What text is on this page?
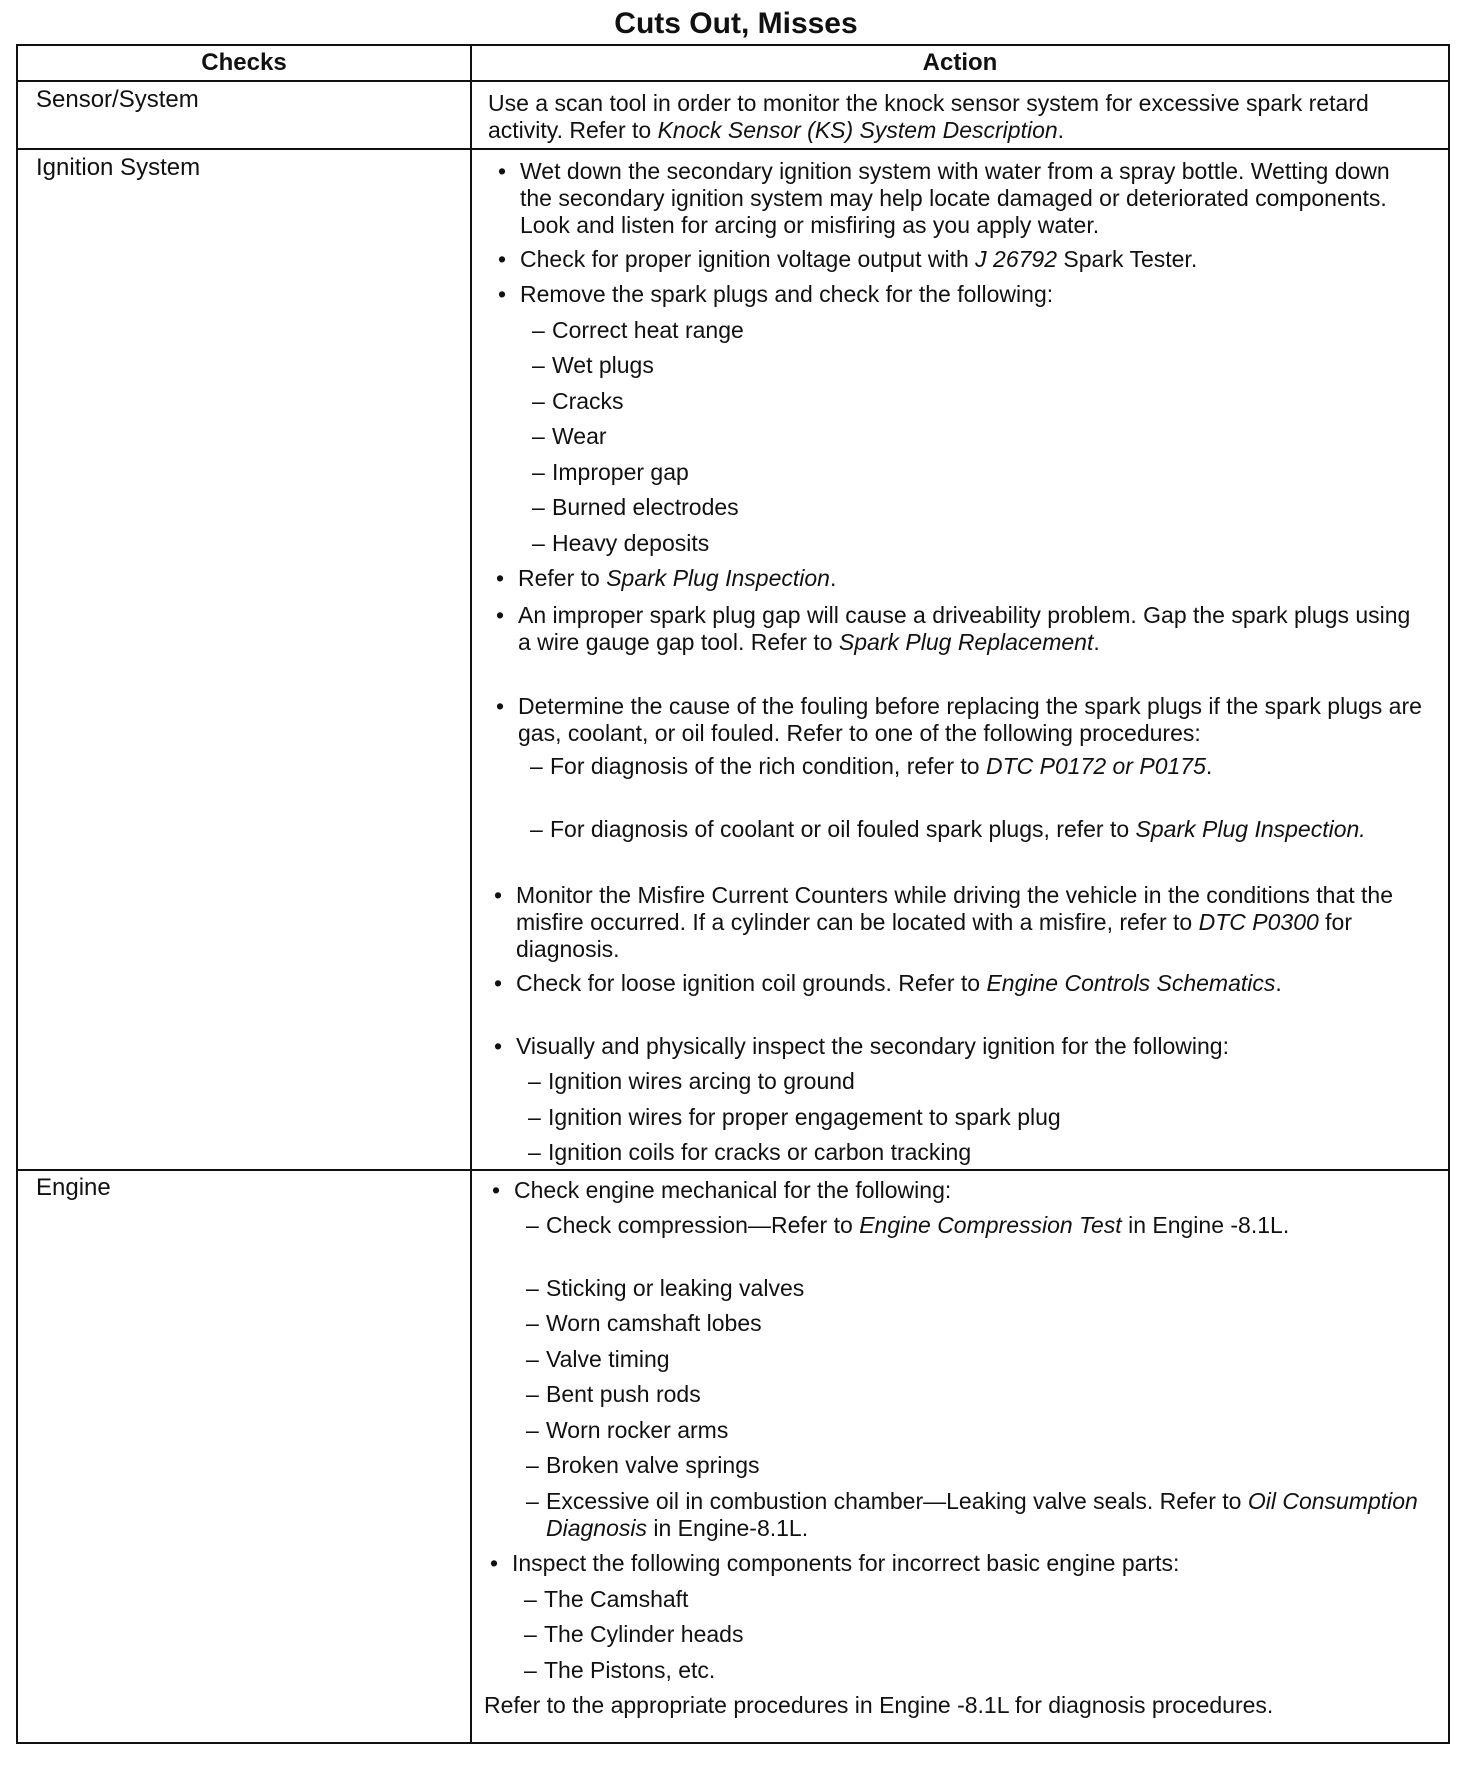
Cuts Out, Misses
Checks	Action
Sensor/System	Use a scan tool in order to monitor the knock sensor system for excessive spark retard activity. Refer to Knock Sensor (KS) System Description.
Ignition System	• Wet down the secondary ignition system with water from a spray bottle. Wetting down the secondary ignition system may help locate damaged or deteriorated components. Look and listen for arcing or misfiring as you apply water.
• Check for proper ignition voltage output with J 26792 Spark Tester.
• Remove the spark plugs and check for the following:
– Correct heat range
– Wet plugs
– Cracks
– Wear
– Improper gap
– Burned electrodes
– Heavy deposits
• Refer to Spark Plug Inspection.
• An improper spark plug gap will cause a driveability problem. Gap the spark plugs using a wire gauge gap tool. Refer to Spark Plug Replacement.
• Determine the cause of the fouling before replacing the spark plugs if the spark plugs are gas, coolant, or oil fouled. Refer to one of the following procedures:
– For diagnosis of the rich condition, refer to DTC P0172 or P0175.
– For diagnosis of coolant or oil fouled spark plugs, refer to Spark Plug Inspection.
• Monitor the Misfire Current Counters while driving the vehicle in the conditions that the misfire occurred. If a cylinder can be located with a misfire, refer to DTC P0300 for diagnosis.
• Check for loose ignition coil grounds. Refer to Engine Controls Schematics.
• Visually and physically inspect the secondary ignition for the following:
– Ignition wires arcing to ground
– Ignition wires for proper engagement to spark plug
– Ignition coils for cracks or carbon tracking
Engine	• Check engine mechanical for the following:
– Check compression—Refer to Engine Compression Test in Engine -8.1L.
– Sticking or leaking valves
– Worn camshaft lobes
– Valve timing
– Bent push rods
– Worn rocker arms
– Broken valve springs
– Excessive oil in combustion chamber—Leaking valve seals. Refer to Oil Consumption Diagnosis in Engine-8.1L.
• Inspect the following components for incorrect basic engine parts:
– The Camshaft
– The Cylinder heads
– The Pistons, etc.
Refer to the appropriate procedures in Engine -8.1L for diagnosis procedures.
